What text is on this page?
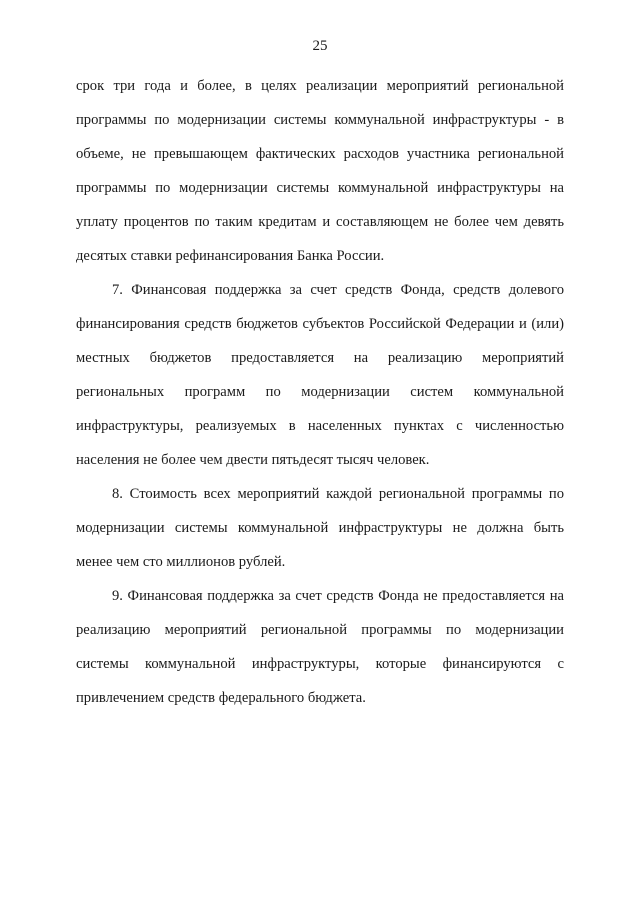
25

срок три года и более, в целях реализации мероприятий региональной программы по модернизации системы коммунальной инфраструктуры - в объеме, не превышающем фактических расходов участника региональной программы по модернизации системы коммунальной инфраструктуры на уплату процентов по таким кредитам и составляющем не более чем девять десятых ставки рефинансирования Банка России.

7. Финансовая поддержка за счет средств Фонда, средств долевого финансирования средств бюджетов субъектов Российской Федерации и (или) местных бюджетов предоставляется на реализацию мероприятий региональных программ по модернизации систем коммунальной инфраструктуры, реализуемых в населенных пунктах с численностью населения не более чем двести пятьдесят тысяч человек.

8. Стоимость всех мероприятий каждой региональной программы по модернизации системы коммунальной инфраструктуры не должна быть менее чем сто миллионов рублей.

9. Финансовая поддержка за счет средств Фонда не предоставляется на реализацию мероприятий региональной программы по модернизации системы коммунальной инфраструктуры, которые финансируются с привлечением средств федерального бюджета.
